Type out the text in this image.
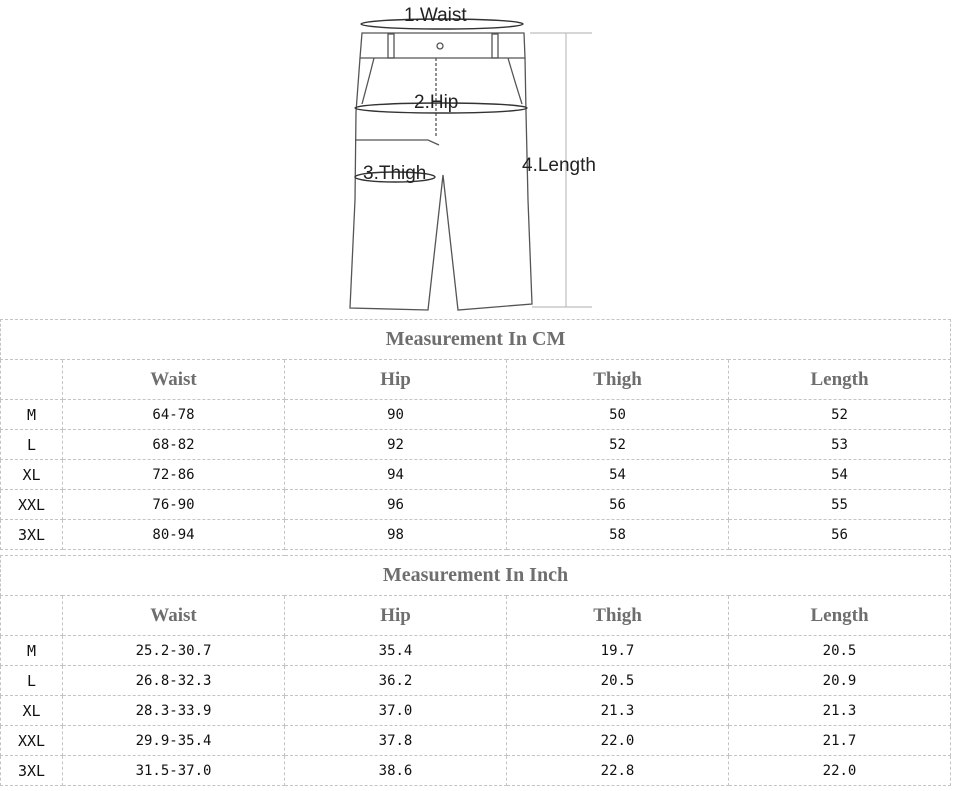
1.Waist
2.Hip
3.Thigh	4.Length
Measurement In CM				
	Waist	Hip	Thigh	Length
M	64-78	90	50	52
L	68-82	92	52	53
XL	72-86	94	54	54
XXL	76-90	96	56	55
3XL	80-94	98	58	56
Measurement In Inch				
	Waist	Hip	Thigh	Length
M	25.2-30.7	35.4	19.7	20.5
L	26.8-32.3	36.2	20.5	20.9
XL	28.3-33.9	37.0	21.3	21.3
XXL	29.9-35.4	37.8	22.0	21.7
3XL	31.5-37.0	38.6	22.8	22.0
